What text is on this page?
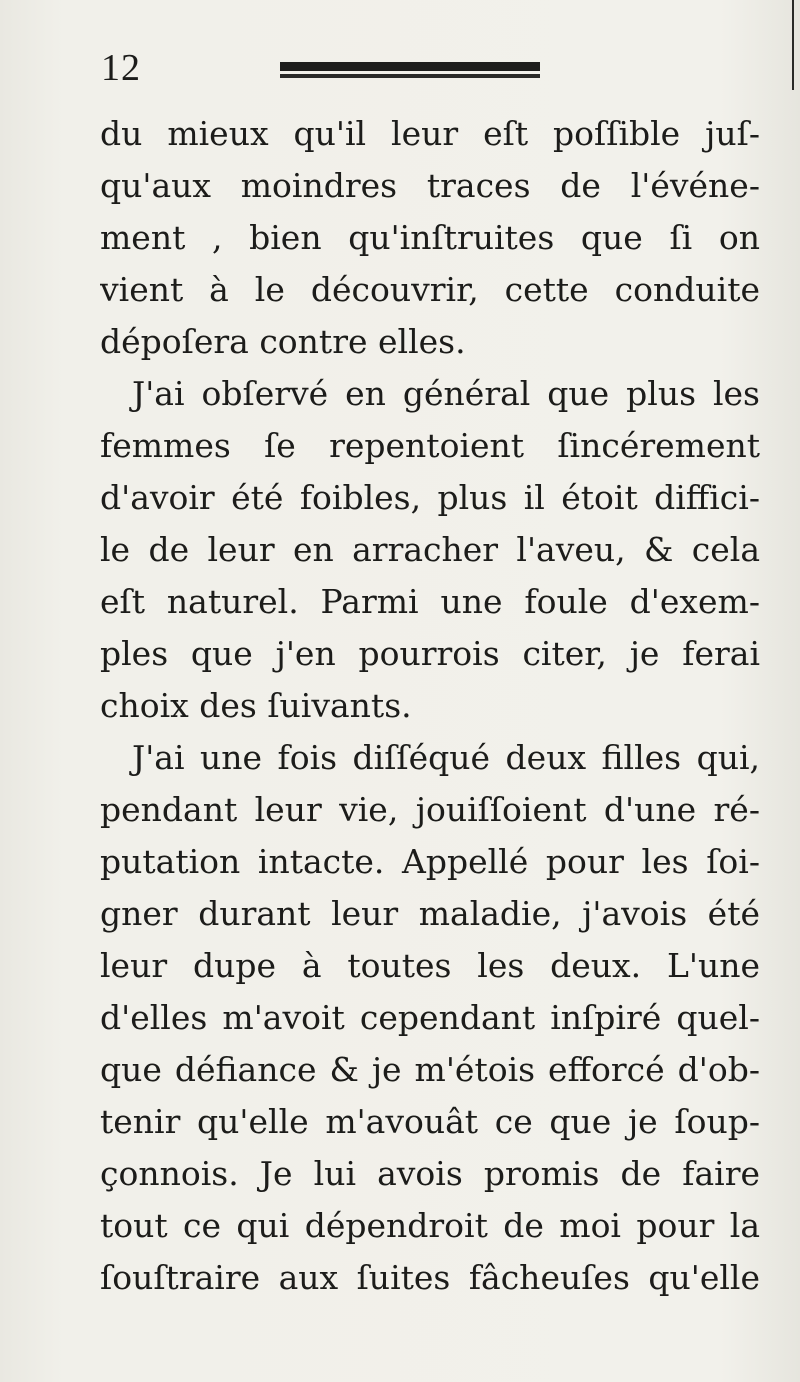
12
du mieux qu'il leur eſt poſſible juſ-
qu'aux moindres traces de l'événe-
ment , bien qu'inſtruites que ſi on
vient à le découvrir, cette conduite
dépoſera contre elles.
J'ai obſervé en général que plus les
femmes ſe repentoient ſincérement
d'avoir été foibles, plus il étoit diffici-
le de leur en arracher l'aveu, & cela
eſt naturel. Parmi une foule d'exem-
ples que j'en pourrois citer, je ferai
choix des ſuivants.
J'ai une fois diſſéqué deux filles qui,
pendant leur vie, jouiſſoient d'une ré-
putation intacte. Appellé pour les ſoi-
gner durant leur maladie, j'avois été
leur dupe à toutes les deux. L'une
d'elles m'avoit cependant inſpiré quel-
que défiance & je m'étois efforcé d'ob-
tenir qu'elle m'avouât ce que je ſoup-
çonnois. Je lui avois promis de faire
tout ce qui dépendroit de moi pour la
ſouſtraire aux ſuites fâcheuſes qu'elle
